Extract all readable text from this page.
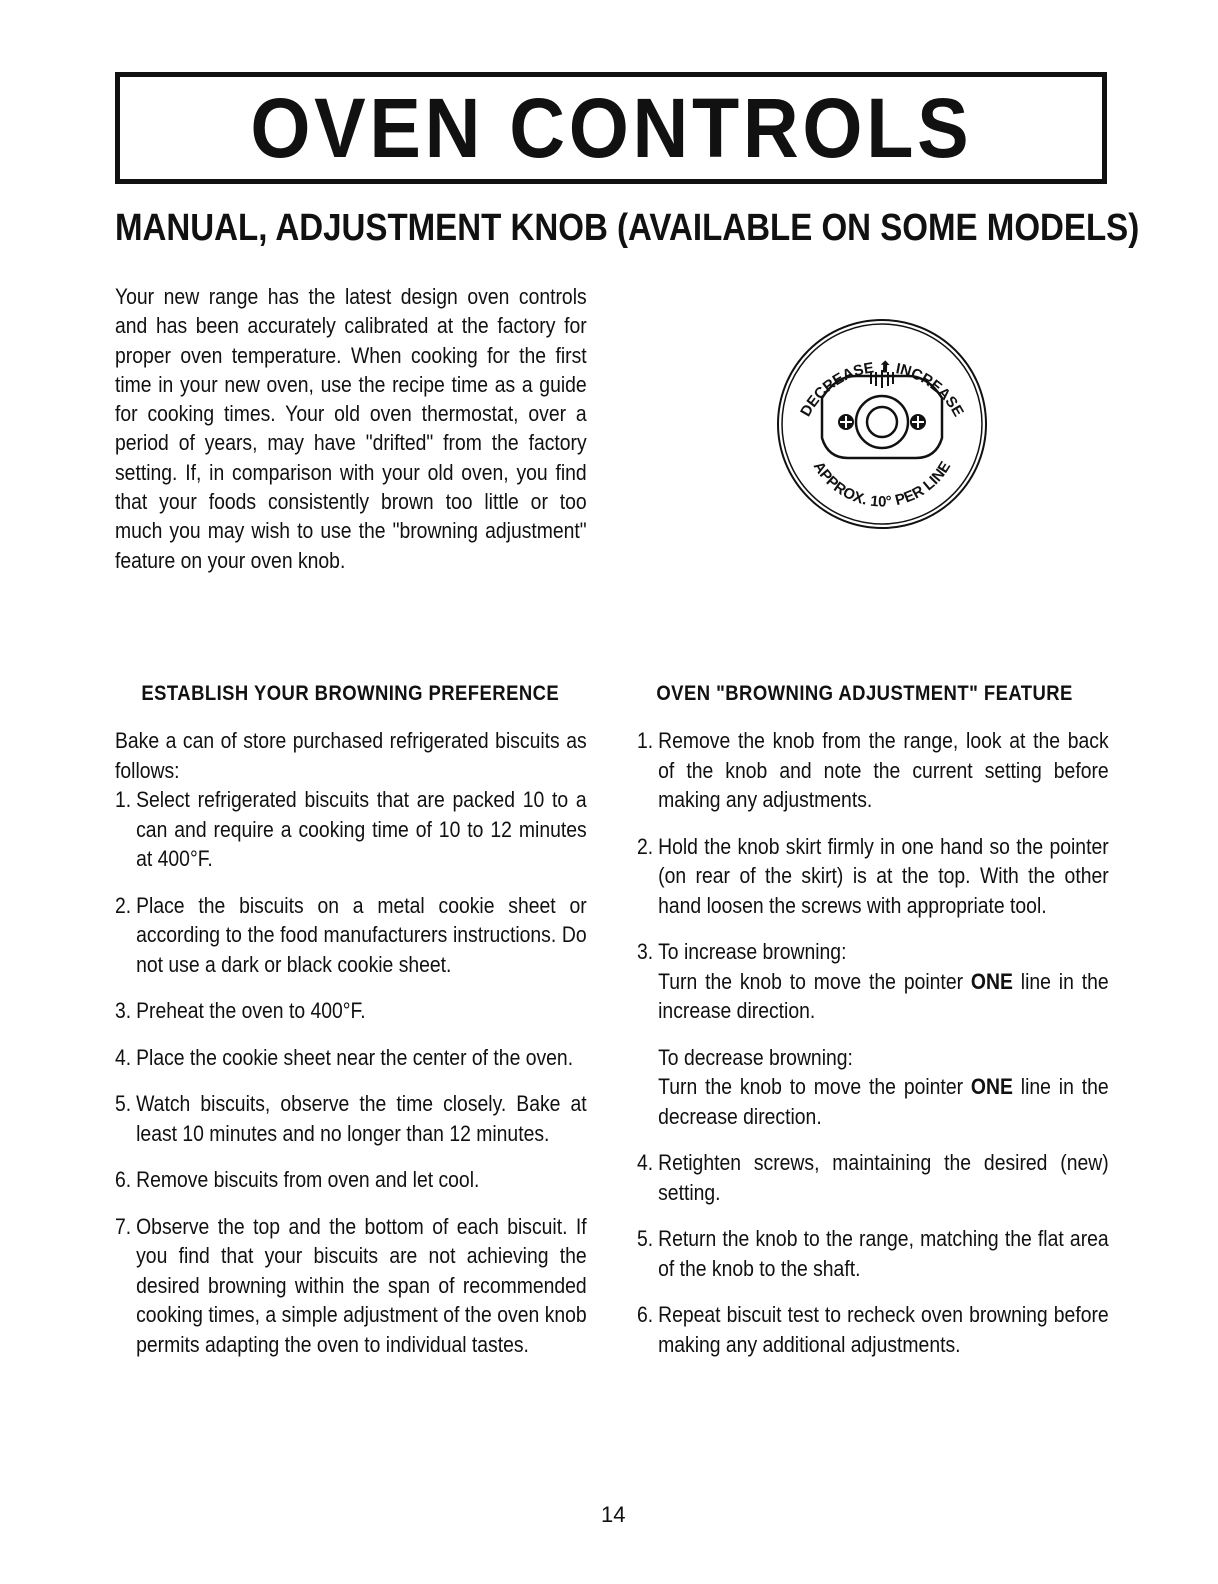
OVEN CONTROLS
MANUAL, ADJUSTMENT KNOB (AVAILABLE ON SOME MODELS)
Your new range has the latest design oven controls and has been accurately calibrated at the factory for proper oven temperature. When cooking for the first time in your new oven, use the recipe time as a guide for cooking times. Your old oven thermostat, over a period of years, may have "drifted" from the factory setting. If, in comparison with your old oven, you find that your foods consistently brown too little or too much you may wish to use the "browning adjustment" feature on your oven knob.
DECREASE ⬆ INCREASE
APPROX. 10° PER LINE
ESTABLISH YOUR BROWNING PREFERENCE
Bake a can of store purchased refrigerated biscuits as follows:
1. Select refrigerated biscuits that are packed 10 to a can and require a cooking time of 10 to 12 minutes at 400°F.
2. Place the biscuits on a metal cookie sheet or according to the food manufacturers instructions. Do not use a dark or black cookie sheet.
3. Preheat the oven to 400°F.
4. Place the cookie sheet near the center of the oven.
5. Watch biscuits, observe the time closely. Bake at least 10 minutes and no longer than 12 minutes.
6. Remove biscuits from oven and let cool.
7. Observe the top and the bottom of each biscuit. If you find that your biscuits are not achieving the desired browning within the span of recommended cooking times, a simple adjustment of the oven knob permits adapting the oven to individual tastes.
OVEN "BROWNING ADJUSTMENT" FEATURE
1. Remove the knob from the range, look at the back of the knob and note the current setting before making any adjustments.
2. Hold the knob skirt firmly in one hand so the pointer (on rear of the skirt) is at the top. With the other hand loosen the screws with appropriate tool.
3. To increase browning:
Turn the knob to move the pointer ONE line in the increase direction.
To decrease browning:
Turn the knob to move the pointer ONE line in the decrease direction.
4. Retighten screws, maintaining the desired (new) setting.
5. Return the knob to the range, matching the flat area of the knob to the shaft.
6. Repeat biscuit test to recheck oven browning before making any additional adjustments.
14
